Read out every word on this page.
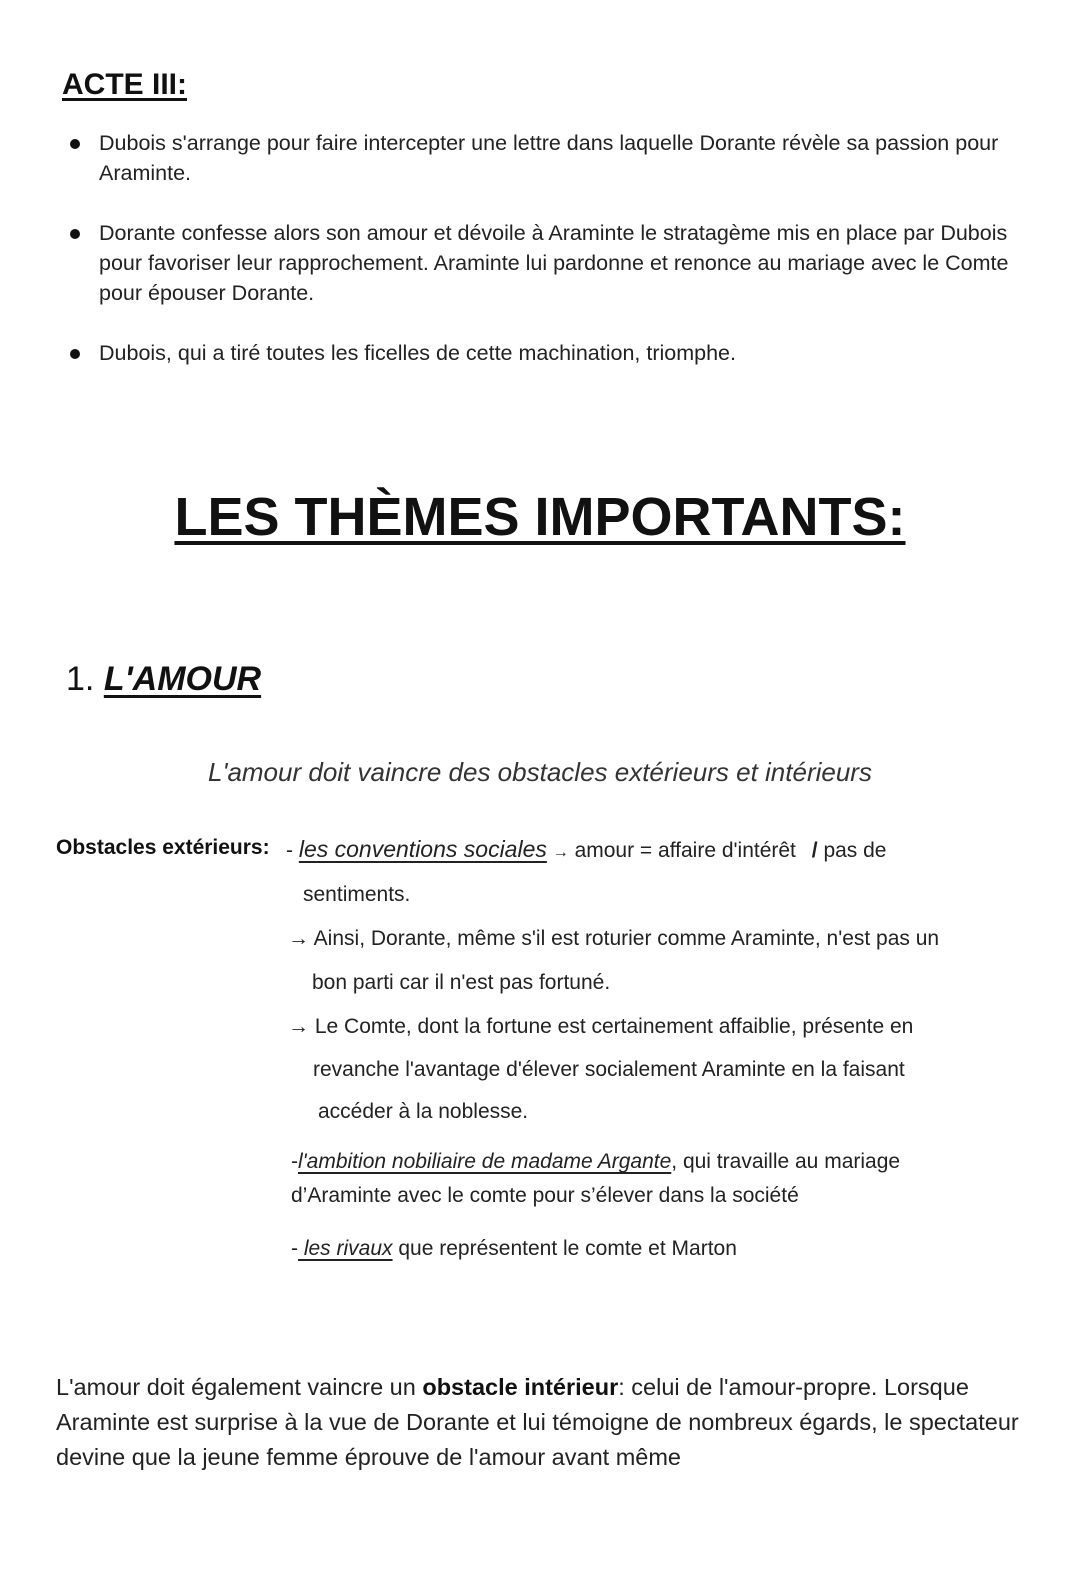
ACTE III:
Dubois s'arrange pour faire intercepter une lettre dans laquelle Dorante révèle sa passion pour Araminte.
Dorante confesse alors son amour et dévoile à Araminte le stratagème mis en place par Dubois pour favoriser leur rapprochement. Araminte lui pardonne et renonce au mariage avec le Comte pour épouser Dorante.
Dubois, qui a tiré toutes les ficelles de cette machination, triomphe.
LES THÈMES IMPORTANTS:
1. L'AMOUR
L'amour doit vaincre des obstacles extérieurs et intérieurs
Obstacles extérieurs: - les conventions sociales → amour = affaire d'intérêt / pas de
sentiments.
→ Ainsi, Dorante, même s'il est roturier comme Araminte, n'est pas un
bon parti car il n'est pas fortuné.
→ Le Comte, dont la fortune est certainement affaiblie, présente en
revanche l'avantage d'élever socialement Araminte en la faisant
accéder à la noblesse.
-l'ambition nobiliaire de madame Argante, qui travaille au mariage
d’Araminte avec le comte pour s’élever dans la société
- les rivaux que représentent le comte et Marton
L'amour doit également vaincre un obstacle intérieur: celui de l'amour-propre. Lorsque Araminte est surprise à la vue de Dorante et lui témoigne de nombreux égards, le spectateur devine que la jeune femme éprouve de l'amour avant même
